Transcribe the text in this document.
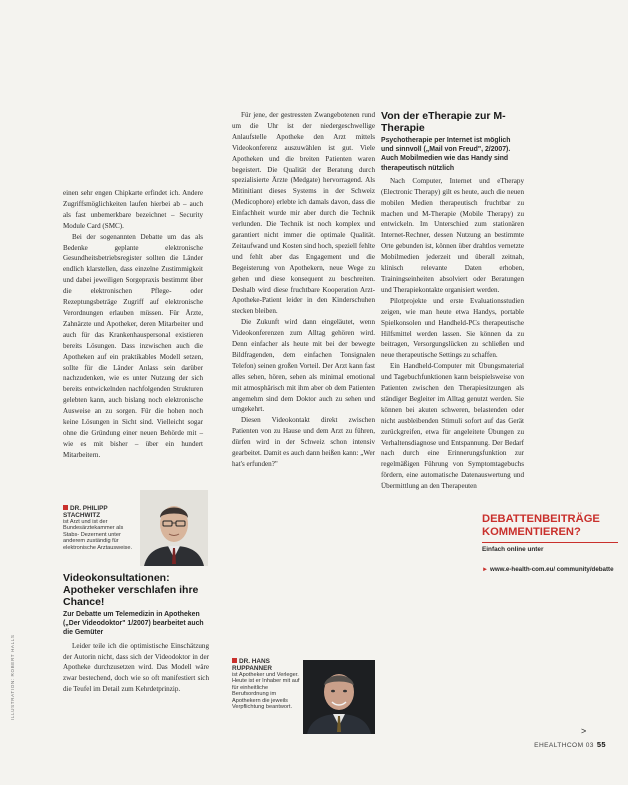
einen sehr engen Chipkarte erfindet ich. Andere Zugriffsmöglichkeiten laufen hierbei ab – auch als fast unbemerkbare bezeichnet – Security Module Card (SMC).

Bei der sogenannten Debatte um das als Bedenke geplante elektronische Gesundheitsbetriebsregister sollten die Länder endlich klarstellen, dass einzelne Zustimmigkeit und dabei jeweiligen Sorgepraxis bestimmt über die elektronischen Pflege- oder Rezeptungsbeträge Zugriff auf elektronische Verordnungen erlauben müssen. Für Ärzte, Zahnärzte und Apotheker, deren Mitarbeiter und auch für das Krankenhauspersonal existieren bereits Lösungen. Dass inzwischen auch die Apotheken auf ein praktikables Modell setzen, sollte für die Länder Anlass sein darüber nachzudenken, wie es unter Nutzung der sich bereits entwickelnden nachfolgenden Strukturen gelebten kann, auch bislang noch elektronische Ausweise an zu sorgen. Für die hohen noch keine Lösungen in Sicht sind. Vielleicht sogar ohne die Gründung einer neuen Behörde mit – wie es mit bisher – über ein hundert Mitarbeitern.

DR. PHILIPP STACHWITZ
ist Arzt und ist der Bundesärztekammer als Stabs- Dezernent unter anderem zuständig für elektronische Arztausweise.
Videokonsultationen: Apotheker verschlafen ihre Chance!
Zur Debatte um Telemedizin in Apotheken („Der Videodoktor" 1/2007) bearbeitet auch die Gemüter

Leider teile ich die optimistische Einschätzung der Autorin nicht, dass sich der Videodoktor in der Apotheke durchzusetzen wird. Das Modell wäre zwar bestechend, doch wie so oft manifestiert sich die Teufel im Detail zum Kehrdetprinzip.

Für jene, der gestressten Zwangebotenen rund um die Uhr ist der niedergeschwellige Anlaufstelle Apotheke den Arzt mittels Videokonferenz auszuwählen ist gut. Viele Apotheken und die breiten Patienten waren begeistert. Die Qualität der Beratung durch spezialisierte Ärzte (Medgate) hervorragend. Als Mitinitiant dieses Systems in der Schweiz (Medicophore) erlebte ich damals davon, dass die Einfachheit wurde mir aber durch die Technik verlunden. Die Technik ist noch komplex und garantiert nicht immer die optimale Qualität. Zeitaufwand und Kosten sind hoch, speziell fehlte und fehlt aber das Engagement und die Begeisterung von Apothekern, neue Wege zu gehen und diese konsequent zu beschreiten. Deshalb wird diese fruchtbare Kooperation Arzt-Apotheke-Patient leider in den Kinderschuhen stecken bleiben.

Die Zukunft wird dann eingeläutet, wenn Videokonferenzen zum Alltag gehören wird. Denn einfacher als heute mit bei der bewegte Bildfragenden, dem einfachen Tonsignalen Telefon) seinen großen Vorteil. Der Arzt kann fast alles sehen, hören, sehen als minimal emotional mit atmosphärisch mit ihm aber ob dem Patienten angemehm sind dem Doktor auch zu sehen und umgekehrt.

Diesen Videokontakt direkt zwischen Patienten von zu Hause und dem Arzt zu führen, dürfen wird in der Schweiz schon intensiv gearbeitet. Damit es auch dann heißen kann: „Wer hat's erfunden?"

DR. HANS RUPPANNER
ist Apotheker und Verleger. Heute ist er Inhaber mit auf für einheitliche Berufsordnung im Apothekern die jeweils Verpflichtung beantwort.
Von der eTherapie zur M-Therapie
Psychotherapie per Internet ist möglich und sinnvoll („Mail von Freud", 2/2007). Auch Mobilmedien wie das Handy sind therapeutisch nützlich

Nach Computer, Internet und eTherapy (Electronic Therapy) gilt es heute, auch die neuen mobilen Medien therapeutisch fruchtbar zu machen und M-Therapie (Mobile Therapy) zu entwickeln. Im Unterschied zum stationären Internet-Rechner, dessen Nutzung an bestimmte Orte gebunden ist, können über drahtlos vernetzte Mobilmedien jederzeit und überall zeitnah, klinisch relevante Daten erhoben, Trainingseinheiten absolviert oder Beratungen und Therapiekontakte organisiert werden.

Pilotprojekte und erste Evaluationsstudien zeigen, wie man heute etwa Handys, portable Spielkonsolen und Handheld-PCs therapeutische Hilfsmittel werden lassen. Sie können da zu beitragen, Versorgungslücken zu schließen und neue therapeutische Settings zu schaffen.

Ein Handheld-Computer mit Übungsmaterial und Tagebuchfunktionen kann beispielsweise von Patienten zwischen den Therapiesitzungen als ständiger Begleiter im Alltag genutzt werden. Sie können bei akuten schweren, belastenden oder nicht ausbleibenden Stimuli sofort auf das Gerät zurückgreifen, etwa für angeleitete Übungen zu Verhaltensdiagnose und Entspannung. Der Bedarf nach durch eine Erinnerungsfunktion zur regelmäßigen Führung von Symptomtagebuchs fördern, eine automatische Datenauswertung und Übermittlung an den Therapeuten

DEBATTENBEITRÄGE KOMMENTIEREN?
Einfach online unter
► www.e-health-com.eu/ community/debatte
ILLUSTRATION: ROBERT HALLS
>
EHEALTHCOM 03 55
